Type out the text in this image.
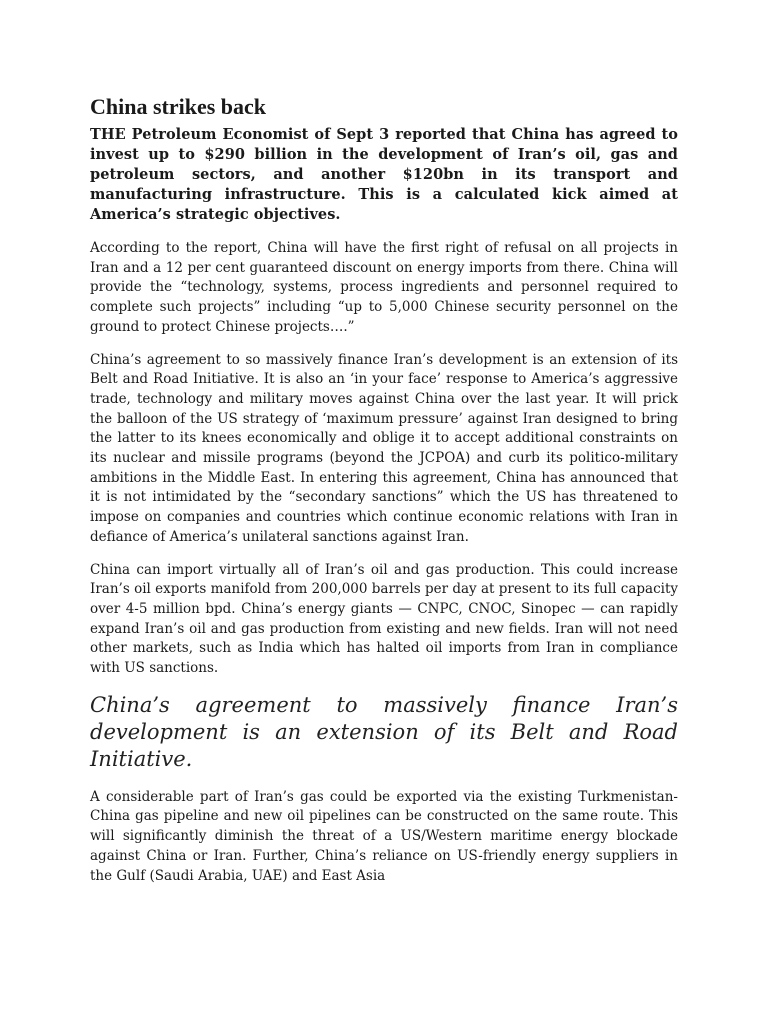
China strikes back

THE Petroleum Economist of Sept 3 reported that China has agreed to invest up to $290 billion in the development of Iran’s oil, gas and petroleum sectors, and another $120bn in its transport and manufacturing infrastructure. This is a calculated kick aimed at America’s strategic objectives.

According to the report, China will have the first right of refusal on all projects in Iran and a 12 per cent guaranteed discount on energy imports from there. China will provide the “technology, systems, process ingredients and personnel required to complete such projects” including “up to 5,000 Chinese security personnel on the ground to protect Chinese projects….”

China’s agreement to so massively finance Iran’s development is an extension of its Belt and Road Initiative. It is also an ‘in your face’ response to America’s aggressive trade, technology and military moves against China over the last year. It will prick the balloon of the US strategy of ‘maximum pressure’ against Iran designed to bring the latter to its knees economically and oblige it to accept additional constraints on its nuclear and missile programs (beyond the JCPOA) and curb its politico-military ambitions in the Middle East. In entering this agreement, China has announced that it is not intimidated by the “secondary sanctions” which the US has threatened to impose on companies and countries which continue economic relations with Iran in defiance of America’s unilateral sanctions against Iran.

China can import virtually all of Iran’s oil and gas production. This could increase Iran’s oil exports manifold from 200,000 barrels per day at present to its full capacity over 4-5 million bpd. China’s energy giants — CNPC, CNOC, Sinopec — can rapidly expand Iran’s oil and gas production from existing and new fields. Iran will not need other markets, such as India which has halted oil imports from Iran in compliance with US sanctions.

China’s agreement to massively finance Iran’s development is an extension of its Belt and Road Initiative.

A considerable part of Iran’s gas could be exported via the existing Turkmenistan-China gas pipeline and new oil pipelines can be constructed on the same route. This will significantly diminish the threat of a US/Western maritime energy blockade against China or Iran. Further, China’s reliance on US-friendly energy suppliers in the Gulf (Saudi Arabia, UAE) and East Asia
